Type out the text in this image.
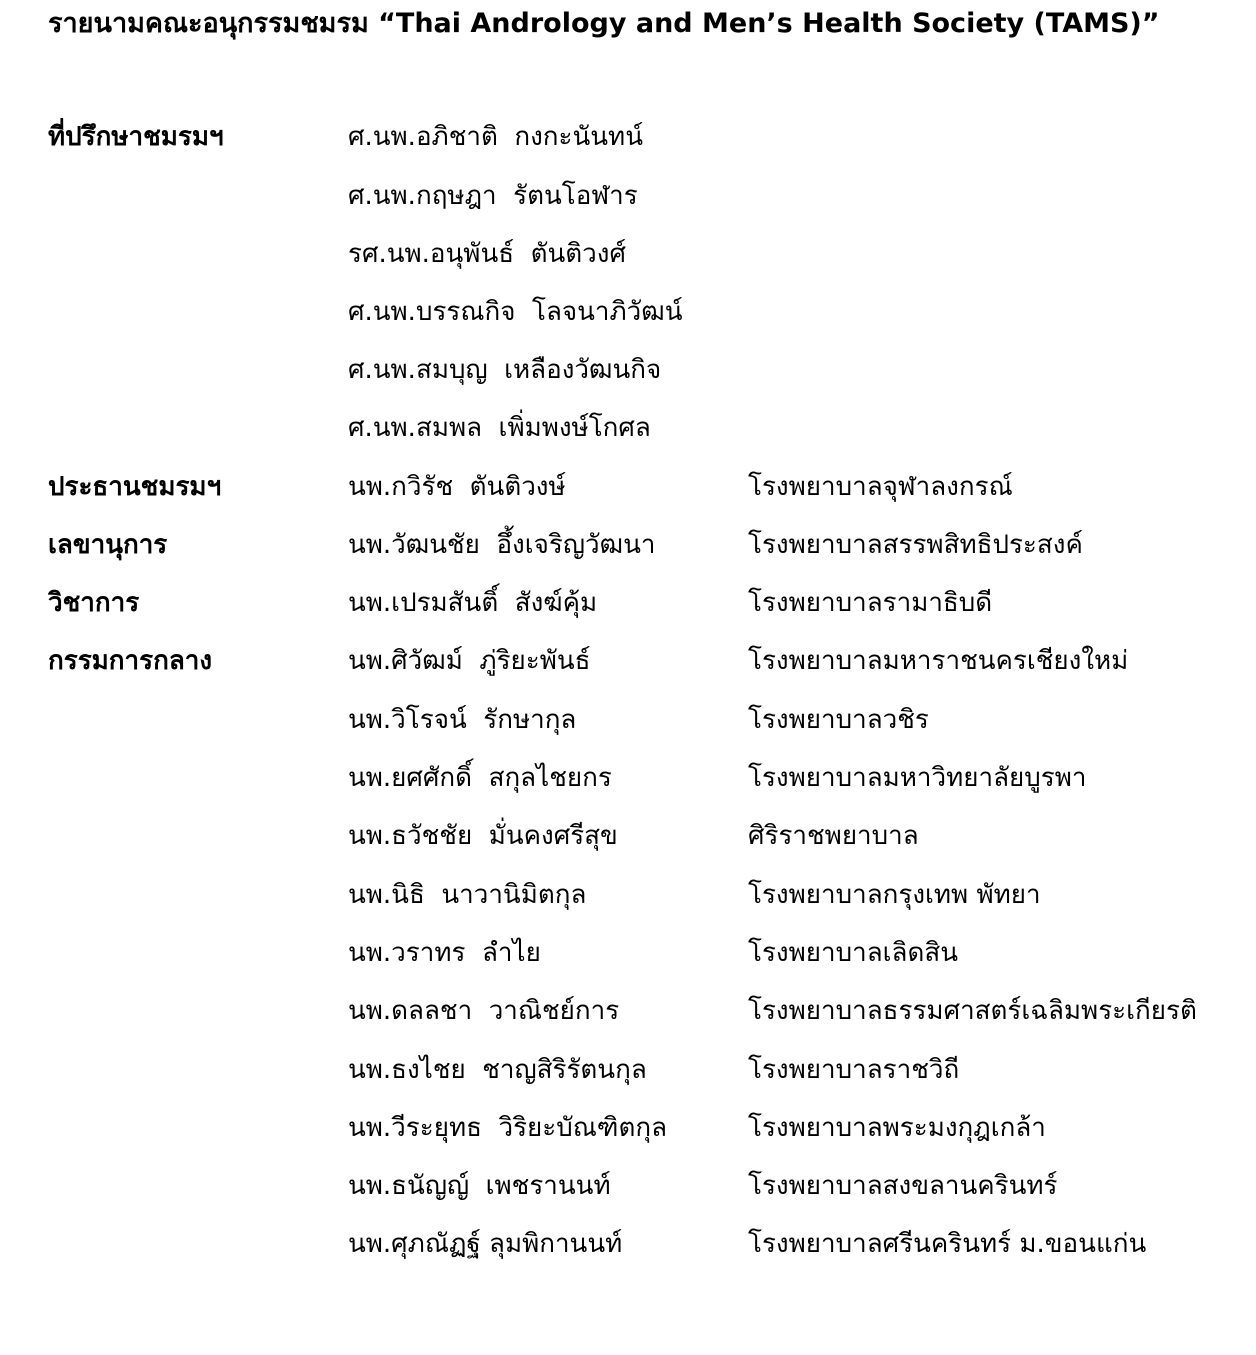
รายนามคณะอนุกรรมชมรม “Thai Andrology and Men’s Health Society (TAMS)”
ที่ปรึกษาชมรมฯ	ศ.นพ.อภิชาติ  กงกะนันทน์
ศ.นพ.กฤษฎา  รัตนโอฬาร
รศ.นพ.อนุพันธ์  ตันติวงศ์
ศ.นพ.บรรณกิจ  โลจนาภิวัฒน์
ศ.นพ.สมบุญ  เหลืองวัฒนกิจ
ศ.นพ.สมพล  เพิ่มพงษ์โกศล
ประธานชมรมฯ	นพ.กวิรัช  ตันติวงษ์	โรงพยาบาลจุฬาลงกรณ์
เลขานุการ	นพ.วัฒนชัย  อึ้งเจริญวัฒนา	โรงพยาบาลสรรพสิทธิประสงค์
วิชาการ	นพ.เปรมสันติ์  สังฆ์คุ้ม	โรงพยาบาลรามาธิบดี
กรรมการกลาง	นพ.ศิวัฒม์  ภู่ริยะพันธ์	โรงพยาบาลมหาราชนครเชียงใหม่
นพ.วิโรจน์  รักษากุล	โรงพยาบาลวชิร
นพ.ยศศักดิ์  สกุลไชยกร	โรงพยาบาลมหาวิทยาลัยบูรพา
นพ.ธวัชชัย  มั่นคงศรีสุข	ศิริราชพยาบาล
นพ.นิธิ  นาวานิมิตกุล	โรงพยาบาลกรุงเทพ พัทยา
นพ.วราทร  ลำไย	โรงพยาบาลเลิดสิน
นพ.ดลลชา  วาณิชย์การ	โรงพยาบาลธรรมศาสตร์เฉลิมพระเกียรติ
นพ.ธงไชย  ชาญสิริรัตนกุล	โรงพยาบาลราชวิถี
นพ.วีระยุทธ  วิริยะบัณฑิตกุล	โรงพยาบาลพระมงกุฎเกล้า
นพ.ธนัญญ์  เพชรานนท์	โรงพยาบาลสงขลานครินทร์
นพ.ศุภณัฏฐ์ ลุมพิกานนท์	โรงพยาบาลศรีนครินทร์ ม.ขอนแก่น
